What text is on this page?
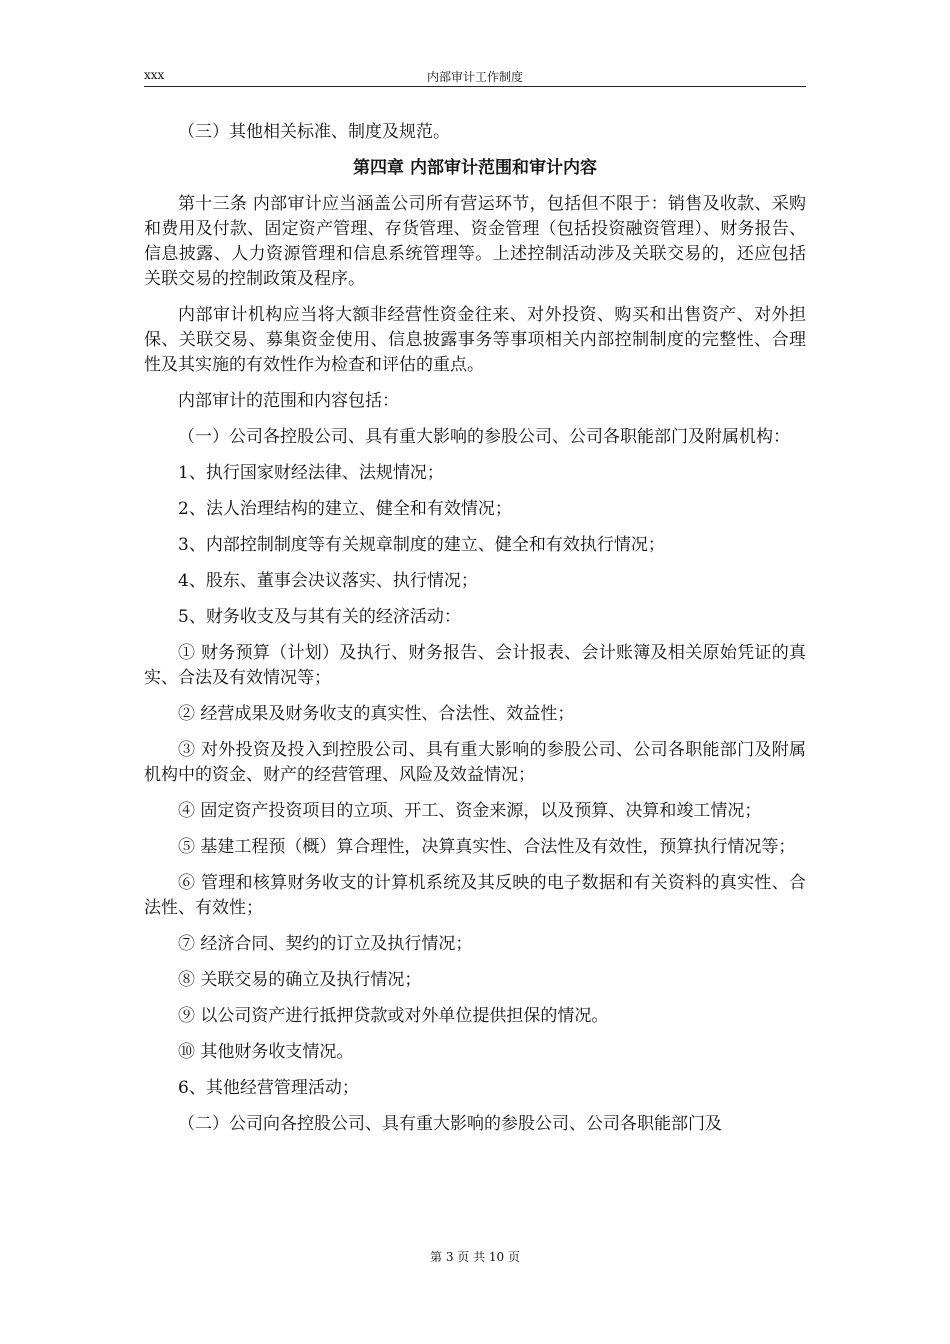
xxx	内部审计工作制度

（三）其他相关标准、制度及规范。

第四章 内部审计范围和审计内容

第十三条 内部审计应当涵盖公司所有营运环节，包括但不限于：销售及收款、采购和费用及付款、固定资产管理、存货管理、资金管理（包括投资融资管理）、财务报告、信息披露、人力资源管理和信息系统管理等。上述控制活动涉及关联交易的，还应包括关联交易的控制政策及程序。

内部审计机构应当将大额非经营性资金往来、对外投资、购买和出售资产、对外担保、关联交易、募集资金使用、信息披露事务等事项相关内部控制制度的完整性、合理性及其实施的有效性作为检查和评估的重点。

内部审计的范围和内容包括：

（一）公司各控股公司、具有重大影响的参股公司、公司各职能部门及附属机构：

1、执行国家财经法律、法规情况；

2、法人治理结构的建立、健全和有效情况；

3、内部控制制度等有关规章制度的建立、健全和有效执行情况；

4、股东、董事会决议落实、执行情况；

5、财务收支及与其有关的经济活动：

① 财务预算（计划）及执行、财务报告、会计报表、会计账簿及相关原始凭证的真实、合法及有效情况等；

② 经营成果及财务收支的真实性、合法性、效益性；

③ 对外投资及投入到控股公司、具有重大影响的参股公司、公司各职能部门及附属机构中的资金、财产的经营管理、风险及效益情况；

④ 固定资产投资项目的立项、开工、资金来源，以及预算、决算和竣工情况；

⑤ 基建工程预（概）算合理性，决算真实性、合法性及有效性，预算执行情况等；

⑥ 管理和核算财务收支的计算机系统及其反映的电子数据和有关资料的真实性、合法性、有效性；

⑦ 经济合同、契约的订立及执行情况；

⑧ 关联交易的确立及执行情况；

⑨ 以公司资产进行抵押贷款或对外单位提供担保的情况。

⑩ 其他财务收支情况。

6、其他经营管理活动；

（二）公司向各控股公司、具有重大影响的参股公司、公司各职能部门及

第 3 页 共 10 页
